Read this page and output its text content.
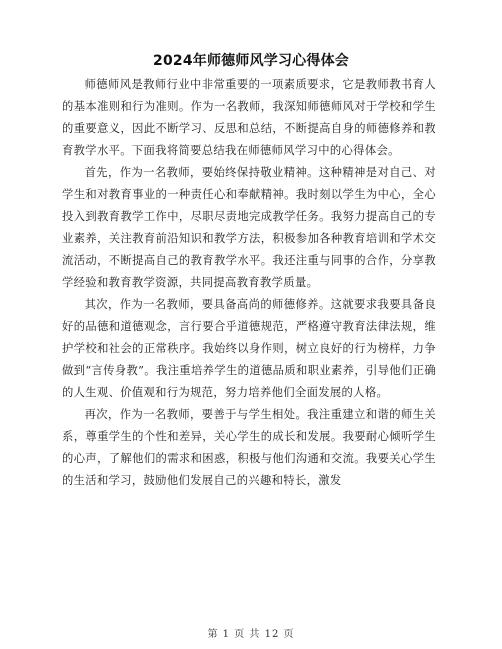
2024年师德师风学习心得体会

师德师风是教师行业中非常重要的一项素质要求，它是教师教书育人的基本准则和行为准则。作为一名教师，我深知师德师风对于学校和学生的重要意义，因此不断学习、反思和总结，不断提高自身的师德修养和教育教学水平。下面我将简要总结我在师德师风学习中的心得体会。

首先，作为一名教师，要始终保持敬业精神。这种精神是对自己、对学生和对教育事业的一种责任心和奉献精神。我时刻以学生为中心，全心投入到教育教学工作中，尽职尽责地完成教学任务。我努力提高自己的专业素养，关注教育前沿知识和教学方法，积极参加各种教育培训和学术交流活动，不断提高自己的教育教学水平。我还注重与同事的合作，分享教学经验和教育教学资源，共同提高教育教学质量。

其次，作为一名教师，要具备高尚的师德修养。这就要求我要具备良好的品德和道德观念，言行要合乎道德规范，严格遵守教育法律法规，维护学校和社会的正常秩序。我始终以身作则，树立良好的行为榜样，力争做到“言传身教”。我注重培养学生的道德品质和职业素养，引导他们正确的人生观、价值观和行为规范，努力培养他们全面发展的人格。

再次，作为一名教师，要善于与学生相处。我注重建立和谐的师生关系，尊重学生的个性和差异，关心学生的成长和发展。我要耐心倾听学生的心声，了解他们的需求和困惑，积极与他们沟通和交流。我要关心学生的生活和学习，鼓励他们发展自己的兴趣和特长，激发

第 1 页 共 12 页
